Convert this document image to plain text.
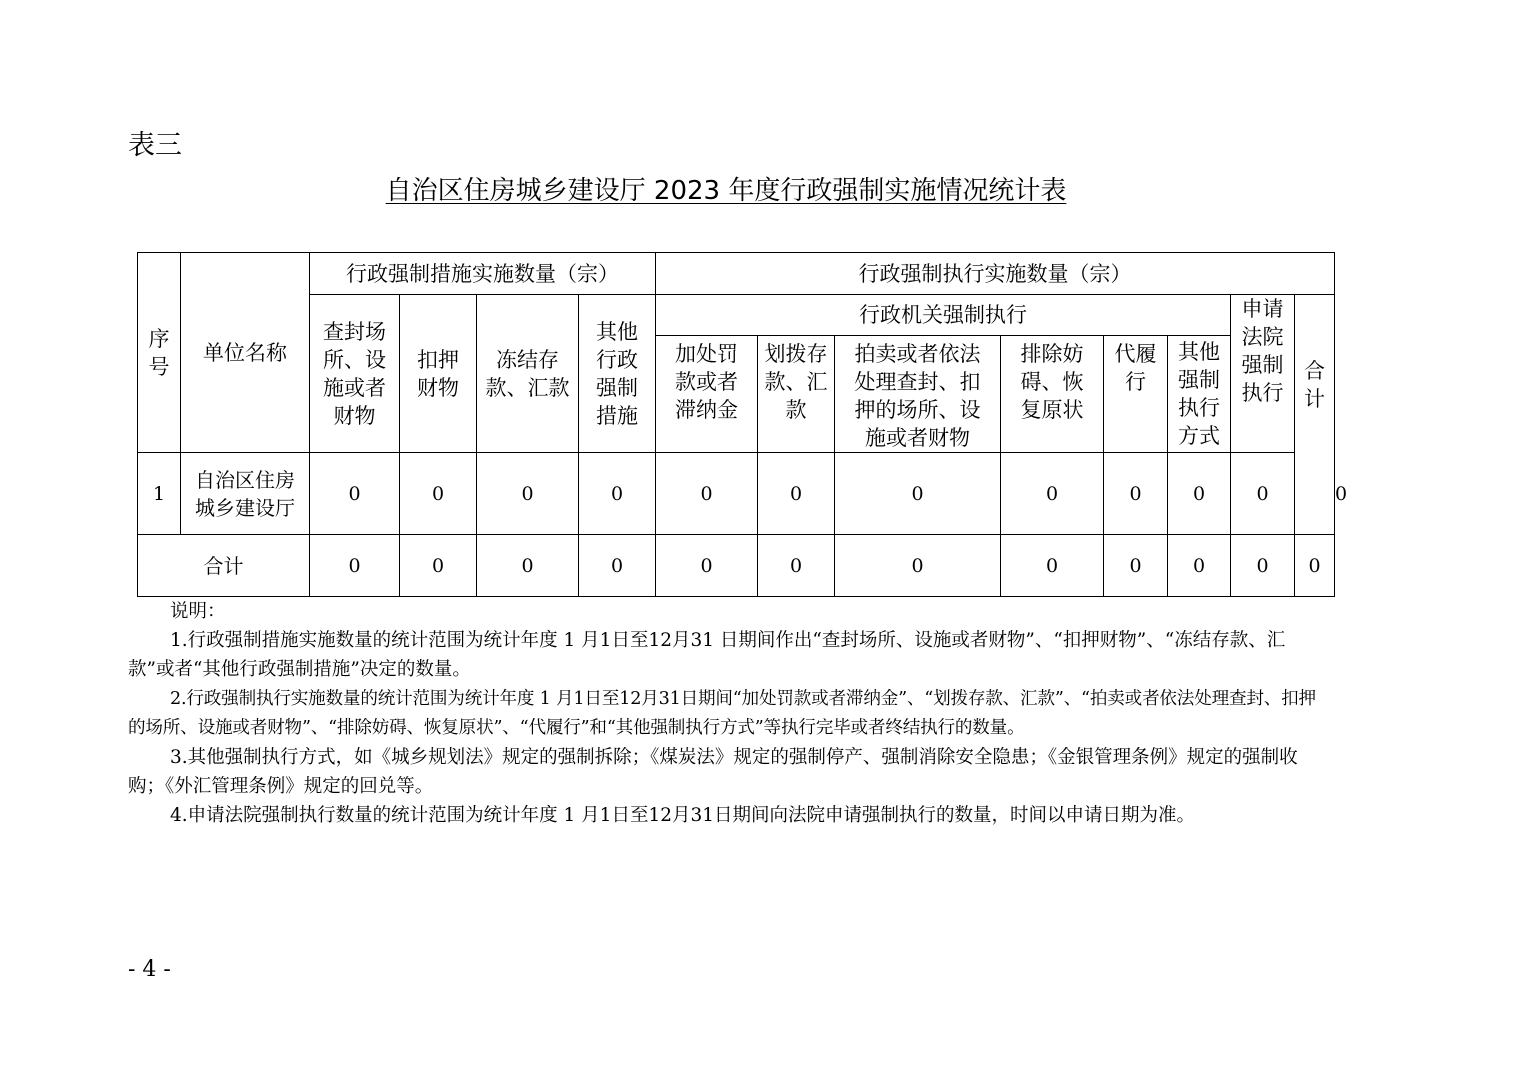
表三
自治区住房城乡建设厅 2023 年度行政强制实施情况统计表
序号	单位名称	行政强制措施实施数量（宗）				行政强制执行实施数量（宗）								
		查封场所、设施或者财物	扣押财物	冻结存款、汇款	其他行政强制措施	行政机关强制执行						申请法院强制执行	合计	
						加处罚款或者滞纳金	划拨存款、汇款	拍卖或者依法处理查封、扣押的场所、设施或者财物	排除妨碍、恢复原状	代履行	其他强制执行方式			
1	自治区住房城乡建设厅	0	0	0	0	0	0	0	0	0	0	0		0
合计		0	0	0	0	0	0	0	0	0	0	0	0	

说明：

1.行政强制措施实施数量的统计范围为统计年度 1 月1日至12月31 日期间作出“查封场所、设施或者财物”、“扣押财物”、“冻结存款、汇款”或者“其他行政强制措施”决定的数量。

2.行政强制执行实施数量的统计范围为统计年度 1 月1日至12月31日期间“加处罚款或者滞纳金”、“划拨存款、汇款”、“拍卖或者依法处理查封、扣押的场所、设施或者财物”、“排除妨碍、恢复原状”、“代履行”和“其他强制执行方式”等执行完毕或者终结执行的数量。

3.其他强制执行方式，如《城乡规划法》规定的强制拆除；《煤炭法》规定的强制停产、强制消除安全隐患；《金银管理条例》规定的强制收购；《外汇管理条例》规定的回兑等。

4.申请法院强制执行数量的统计范围为统计年度 1 月1日至12月31日期间向法院申请强制执行的数量，时间以申请日期为准。

- 4 -
